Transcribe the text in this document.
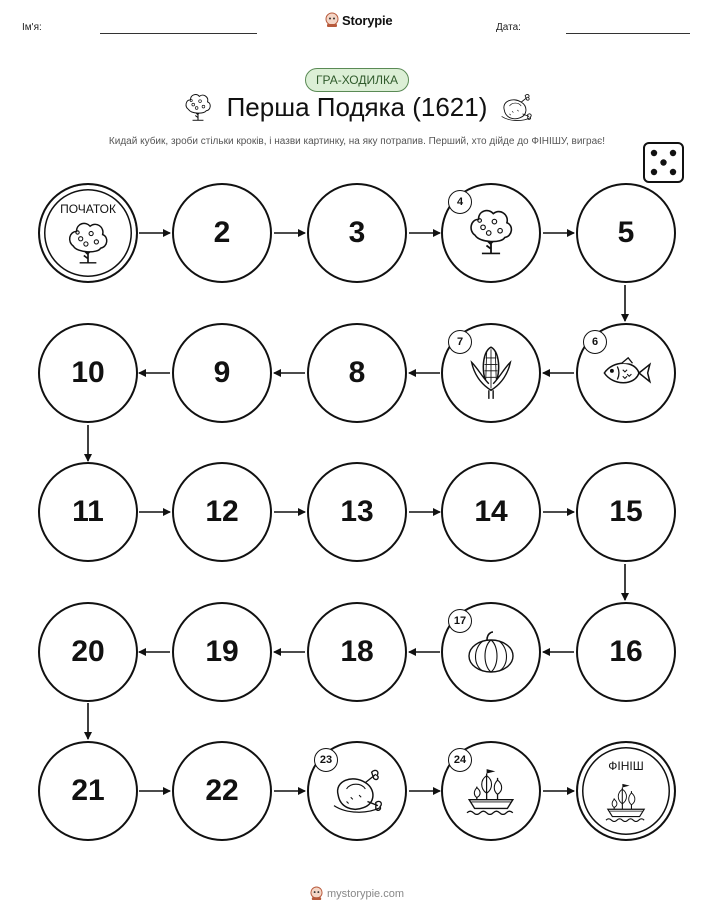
Ім'я:	Storypie	Дата:
ГРА-ХОДИЛКА
Перша Подяка (1621)
Кидай кубик, зроби стільки кроків, і назви картинку, на яку потрапив. Перший, хто дійде до ФІНІШУ, виграє!
ПОЧАТОК
2	3
4
5
10	9	8
7	6
11	12	13	14	15
20	19	18
17
16
21	22
23	24	ФІНІШ
mystorypie.com
